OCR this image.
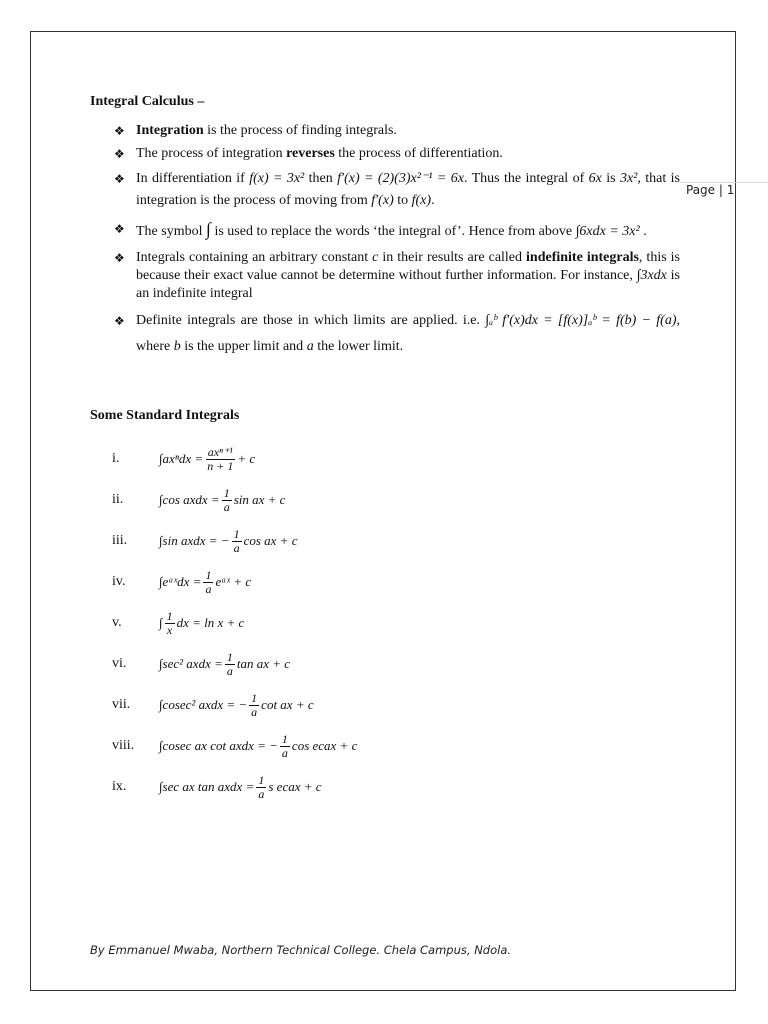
Page | 1
Integral Calculus –
❖ Integration is the process of finding integrals.
❖ The process of integration reverses the process of differentiation.
❖ In differentiation if f(x) = 3x² then f′(x) = (2)(3)x²⁻¹ = 6x. Thus the integral of 6x is 3x², that is integration is the process of moving from f′(x) to f(x).
❖ The symbol ∫ is used to replace the words ‘the integral of’. Hence from above ∫6xdx = 3x² .
❖ Integrals containing an arbitrary constant c in their results are called indefinite integrals, this is because their exact value cannot be determine without further information. For instance, ∫3xdx is an indefinite integral
❖ Definite integrals are those in which limits are applied. i.e. ∫ₐᵇ f′(x)dx = [f(x)]ₐᵇ = f(b) − f(a), where b is the upper limit and a the lower limit.
Some Standard Integrals
i.	$\int ax^ndx = \frac{\text{axⁿ⁺¹}}{n + 1} + c$
ii.	∫cos axdx = $\frac{1}{a}$ sin ax + c
iii. ∫sin axdx = − $\frac{1}{a}$ cos ax + c
iv.	∫eᵃˣdx = $\frac{1}{a}$ eᵃˣ + c
v.	∫ $\frac{1}{x}$ dx = ln x + c
vi.	∫sec² axdx = $\frac{1}{a}$ tan ax + c
vii. ∫cosec² axdx = − $\frac{1}{a}$ cot ax + c
viii. ∫cosec ax cot axdx = − $\frac{1}{a}$ cos ecax + c
ix.	∫sec ax tan axdx = $\frac{1}{a}$ s ecax + c
By Emmanuel Mwaba, Northern Technical College. Chela Campus, Ndola.
